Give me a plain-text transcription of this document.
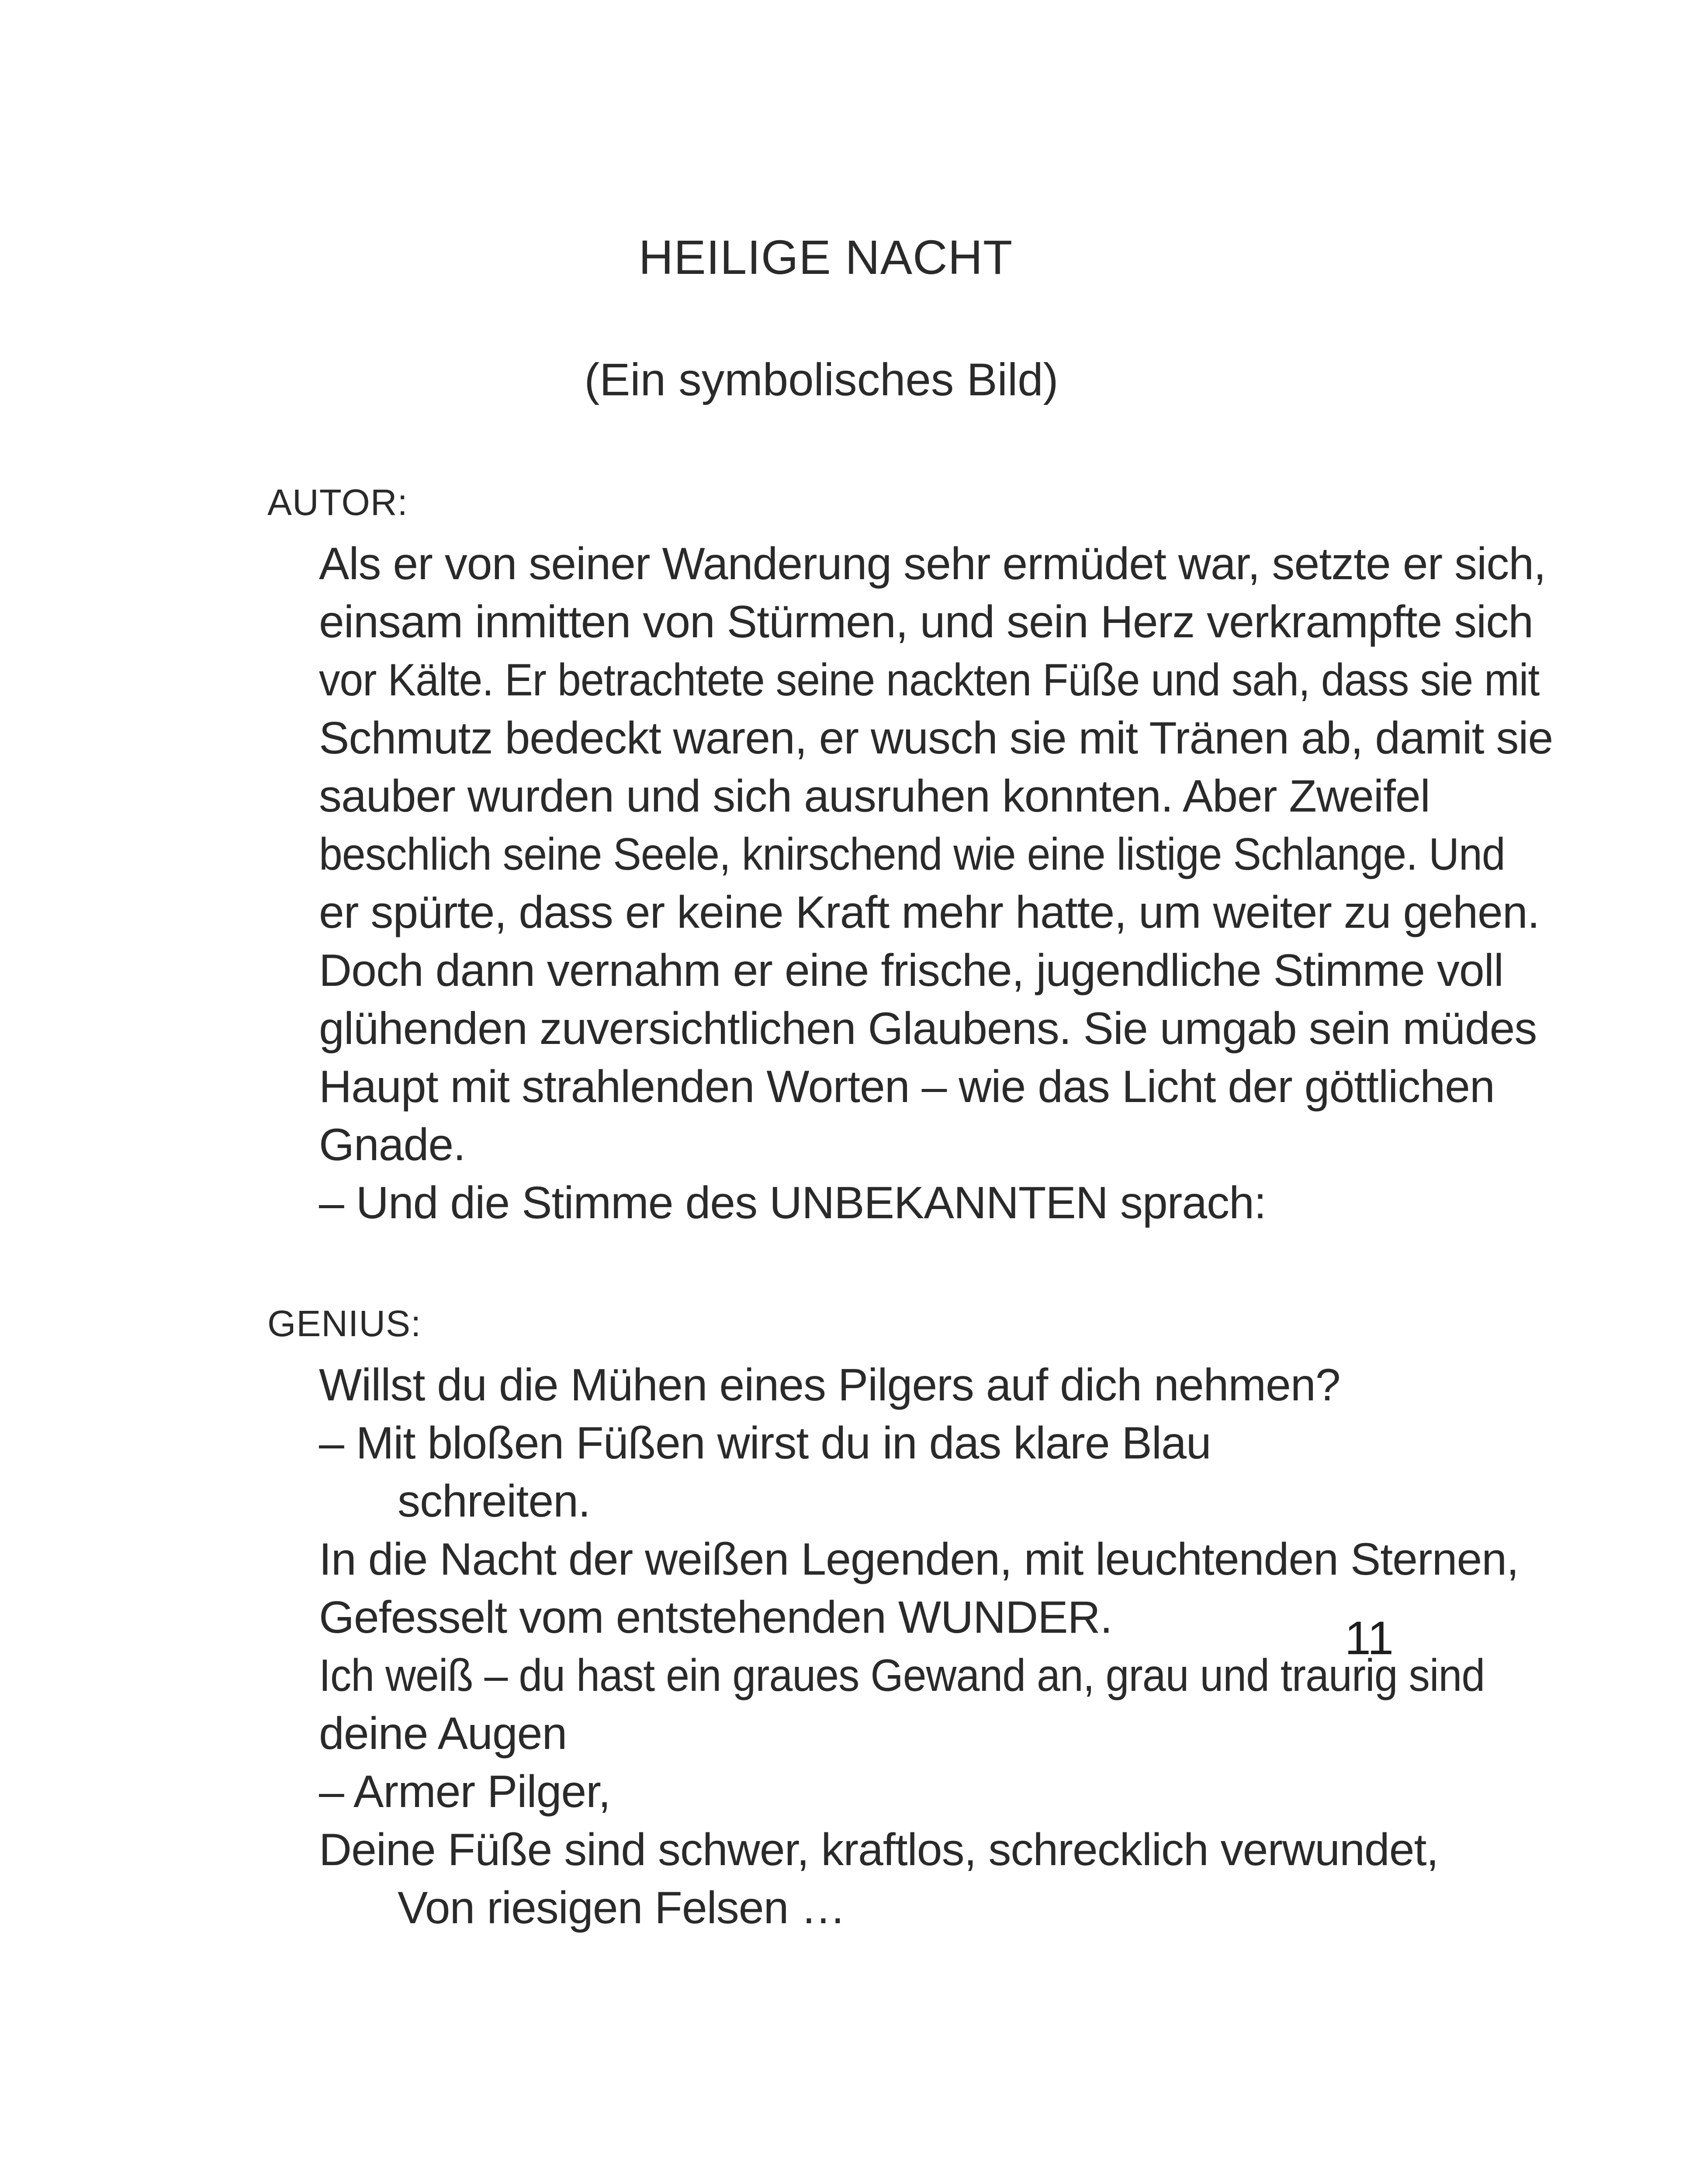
HEILIGE NACHT
(Ein symbolisches Bild)
AUTOR:
Als er von seiner Wanderung sehr ermüdet war, setzte er sich,
einsam inmitten von Stürmen, und sein Herz verkrampfte sich
vor Kälte. Er betrachtete seine nackten Füße und sah, dass sie mit
Schmutz bedeckt waren, er wusch sie mit Tränen ab, damit sie
sauber wurden und sich ausruhen konnten. Aber Zweifel
beschlich seine Seele, knirschend wie eine listige Schlange. Und
er spürte, dass er keine Kraft mehr hatte, um weiter zu gehen.
Doch dann vernahm er eine frische, jugendliche Stimme voll
glühenden zuversichtlichen Glaubens. Sie umgab sein müdes
Haupt mit strahlenden Worten – wie das Licht der göttlichen
Gnade.
– Und die Stimme des UNBEKANNTEN sprach:
GENIUS:
Willst du die Mühen eines Pilgers auf dich nehmen?
– Mit bloßen Füßen wirst du in das klare Blau
schreiten.
In die Nacht der weißen Legenden, mit leuchtenden Sternen,
Gefesselt vom entstehenden WUNDER.
Ich weiß – du hast ein graues Gewand an, grau und traurig sind
deine Augen
– Armer Pilger,
Deine Füße sind schwer, kraftlos, schrecklich verwundet,
Von riesigen Felsen …
11
